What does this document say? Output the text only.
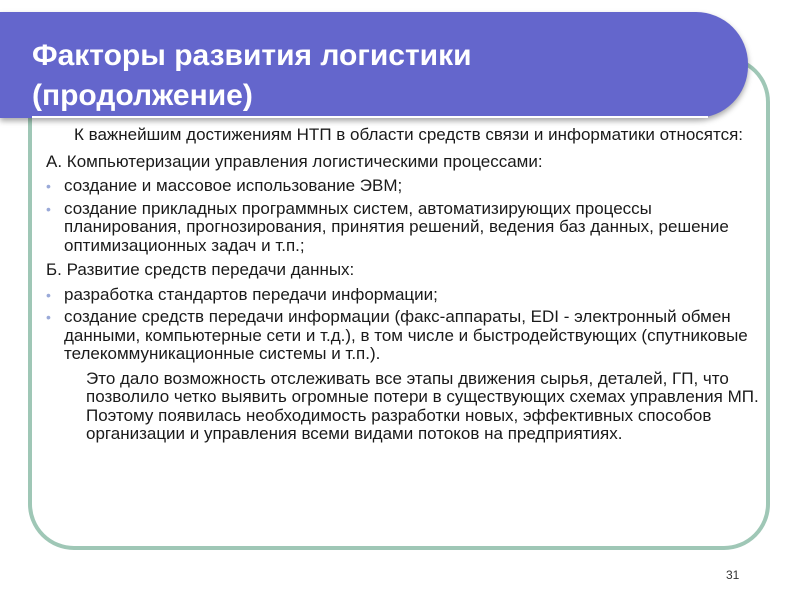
Факторы развития логистики
(продолжение)
К важнейшим достижениям НТП в области средств связи и информатики относятся:
А. Компьютеризации управления логистическими процессами:
• создание и массовое использование ЭВМ;
• создание прикладных программных систем, автоматизирующих процессы планирования, прогнозирования, принятия решений, ведения баз данных, решение оптимизационных задач и т.п.;
Б. Развитие средств передачи данных:
• разработка стандартов передачи информации;
• создание средств передачи информации (факс-аппараты, EDI - электронный обмен данными, компьютерные сети и т.д.), в том числе и быстродействующих (спутниковые телекоммуникационные системы и т.п.).
Это дало возможность отслеживать все этапы движения сырья, деталей, ГП, что позволило четко выявить огромные потери в существующих схемах управления МП. Поэтому появилась необходимость разработки новых, эффективных способов организации и управления всеми видами потоков на предприятиях.
31
